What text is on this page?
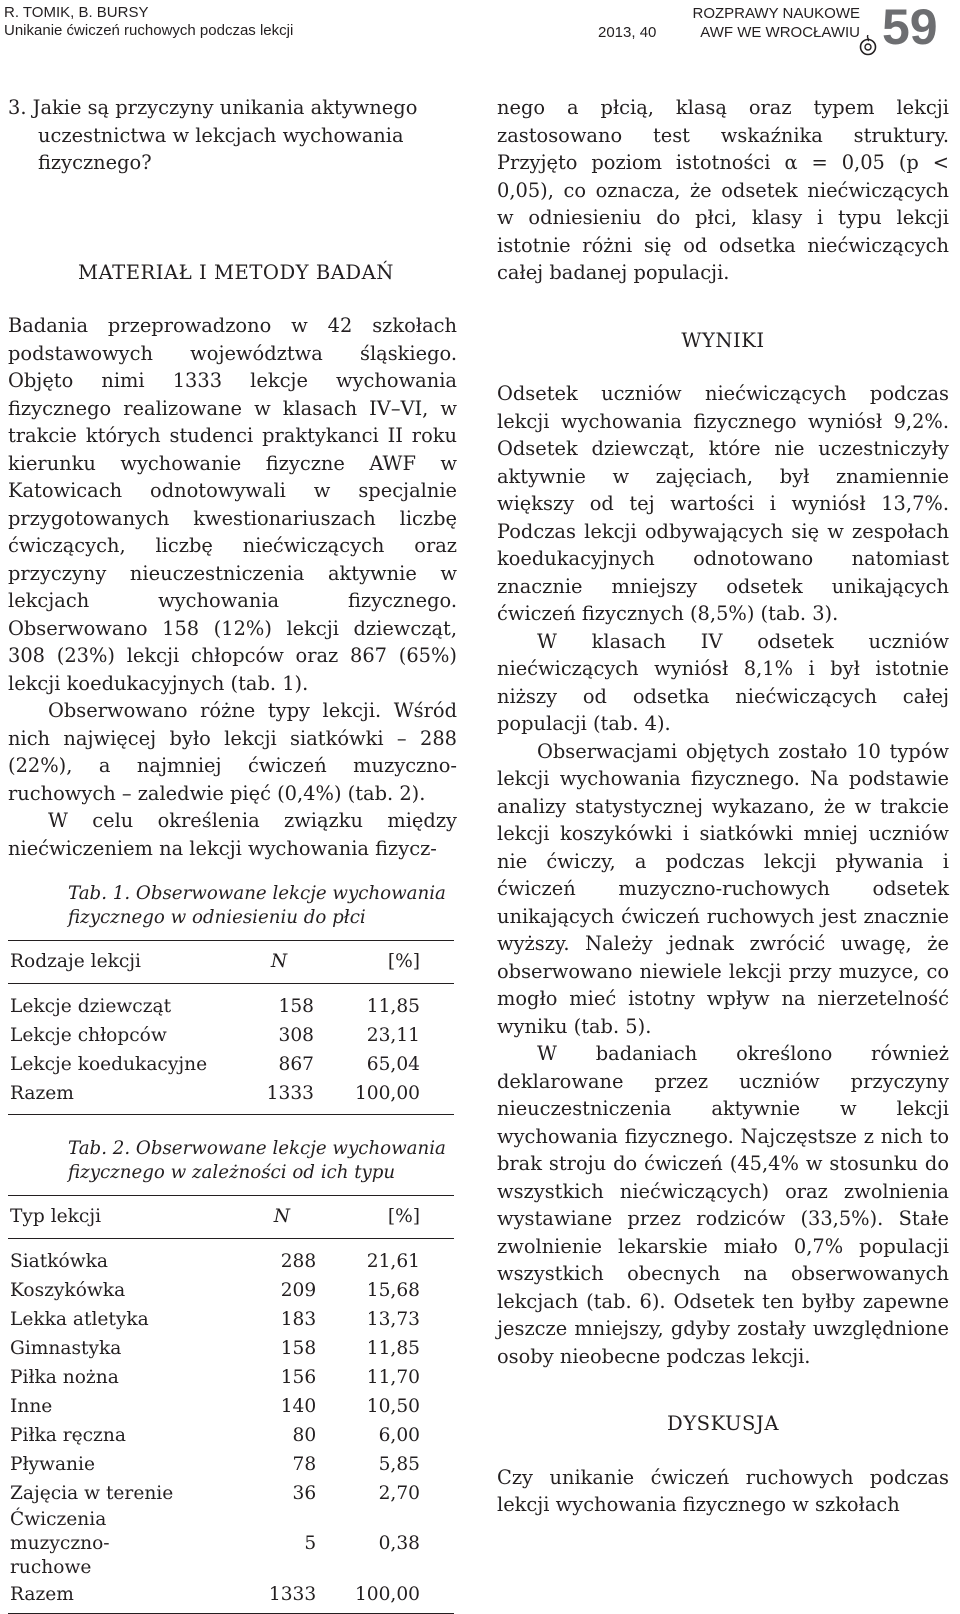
R. TOMIK, B. BURSY
Unikanie ćwiczeń ruchowych podczas lekcji	2013, 40
ROZPRAWY NAUKOWE
AWF WE WROCŁAWIU 59

3. Jakie są przyczyny unikania aktywnego uczestnictwa w lekcjach wychowania fizycznego?

MATERIAŁ I METODY BADAŃ

Badania przeprowadzono w 42 szkołach podstawowych województwa śląskiego. Objęto nimi 1333 lekcje wychowania fizycznego realizowane w klasach IV–VI, w trakcie których studenci praktykanci II roku kierunku wychowanie fizyczne AWF w Katowicach odnotowywali w specjalnie przygotowanych kwestionariuszach liczbę ćwiczących, liczbę niećwiczących oraz przyczyny nieuczestniczenia aktywnie w lekcjach wychowania fizycznego. Obserwowano 158 (12%) lekcji dziewcząt, 308 (23%) lekcji chłopców oraz 867 (65%) lekcji koedukacyjnych (tab. 1).

Obserwowano różne typy lekcji. Wśród nich najwięcej było lekcji siatkówki – 288 (22%), a najmniej ćwiczeń muzyczno-ruchowych – zaledwie pięć (0,4%) (tab. 2).

W celu określenia związku między niećwiczeniem na lekcji wychowania fizycz-

Tab. 1. Obserwowane lekcje wychowania fizycznego w odniesieniu do płci
Rodzaje lekcji	N	[%]
Lekcje dziewcząt	158	11,85
Lekcje chłopców	308	23,11
Lekcje koedukacyjne	867	65,04
Razem	1333	100,00
Tab. 2. Obserwowane lekcje wychowania fizycznego w zależności od ich typu
Typ lekcji	N	[%]
Siatkówka	288	21,61
Koszykówka	209	15,68
Lekka atletyka	183	13,73
Gimnastyka	158	11,85
Piłka nożna	156	11,70
Inne	140	10,50
Piłka ręczna	80	6,00
Pływanie	78	5,85
Zajęcia w terenie	36	2,70
Ćwiczenia muzyczno-ruchowe	5	0,38
Razem	1333	100,00

nego a płcią, klasą oraz typem lekcji zastosowano test wskaźnika struktury. Przyjęto poziom istotności α = 0,05 (p < 0,05), co oznacza, że odsetek niećwiczących w odniesieniu do płci, klasy i typu lekcji istotnie różni się od odsetka niećwiczących całej badanej populacji.

WYNIKI

Odsetek uczniów niećwiczących podczas lekcji wychowania fizycznego wyniósł 9,2%. Odsetek dziewcząt, które nie uczestniczyły aktywnie w zajęciach, był znamiennie większy od tej wartości i wyniósł 13,7%. Podczas lekcji odbywających się w zespołach koedukacyjnych odnotowano natomiast znacznie mniejszy odsetek unikających ćwiczeń fizycznych (8,5%) (tab. 3).

W klasach IV odsetek uczniów niećwiczących wyniósł 8,1% i był istotnie niższy od odsetka niećwiczących całej populacji (tab. 4).

Obserwacjami objętych zostało 10 typów lekcji wychowania fizycznego. Na podstawie analizy statystycznej wykazano, że w trakcie lekcji koszykówki i siatkówki mniej uczniów nie ćwiczy, a podczas lekcji pływania i ćwiczeń muzyczno-ruchowych odsetek unikających ćwiczeń ruchowych jest znacznie wyższy. Należy jednak zwrócić uwagę, że obserwowano niewiele lekcji przy muzyce, co mogło mieć istotny wpływ na nierzetelność wyniku (tab. 5).

W badaniach określono również deklarowane przez uczniów przyczyny nieuczestniczenia aktywnie w lekcji wychowania fizycznego. Najczęstsze z nich to brak stroju do ćwiczeń (45,4% w stosunku do wszystkich niećwiczących) oraz zwolnienia wystawiane przez rodziców (33,5%). Stałe zwolnienie lekarskie miało 0,7% populacji wszystkich obecnych na obserwowanych lekcjach (tab. 6). Odsetek ten byłby zapewne jeszcze mniejszy, gdyby zostały uwzględnione osoby nieobecne podczas lekcji.

DYSKUSJA

Czy unikanie ćwiczeń ruchowych podczas lekcji wychowania fizycznego w szkołach
